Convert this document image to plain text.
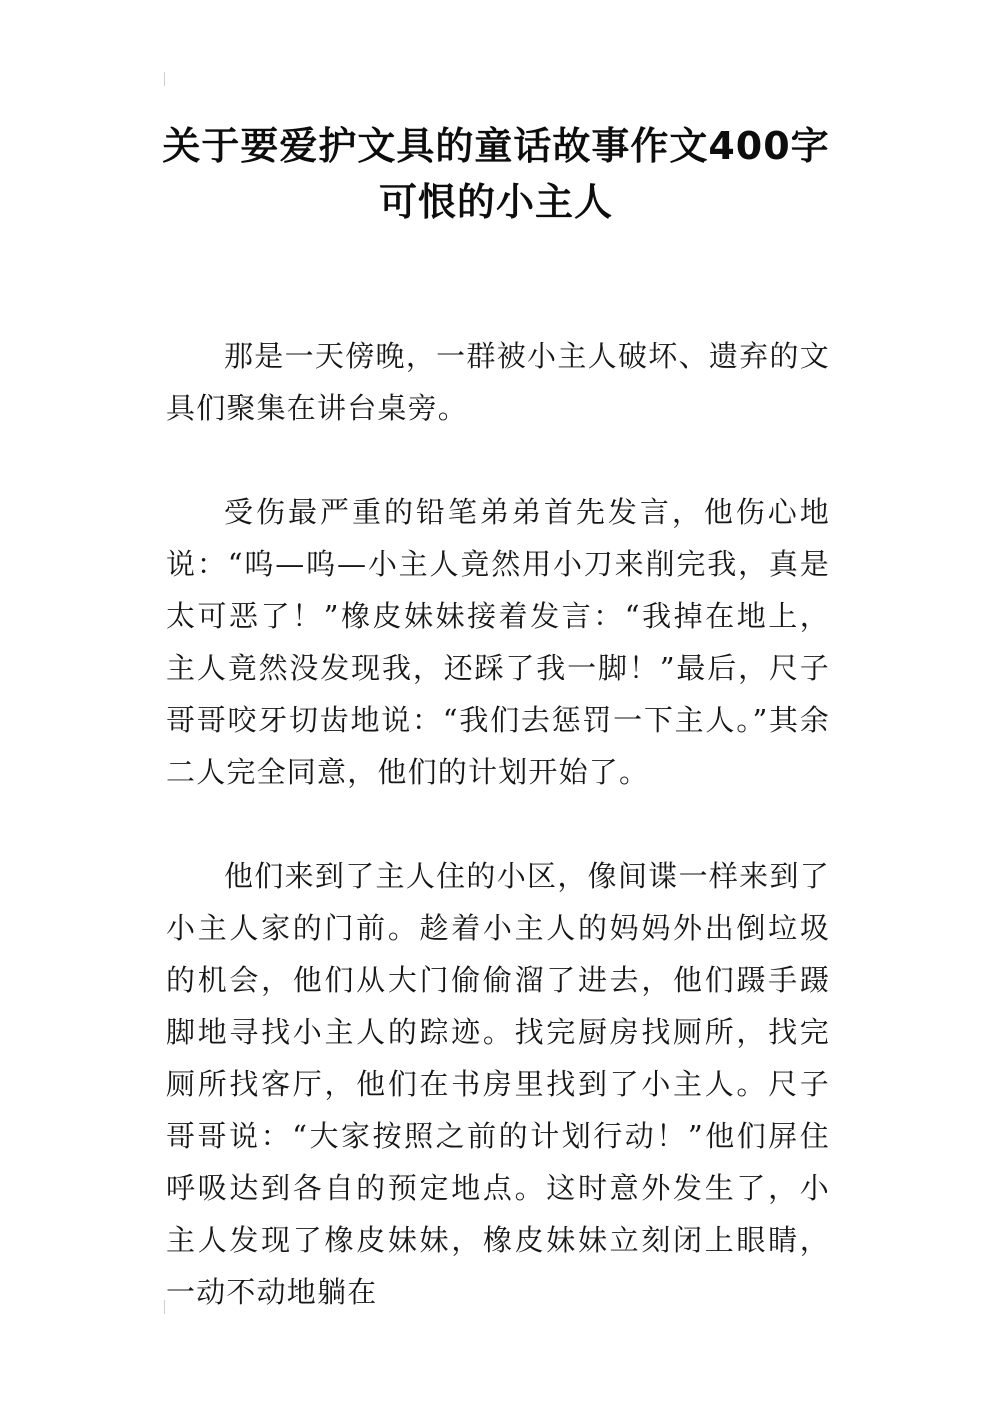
关于要爱护文具的童话故事作文400字 可恨的小主人

那是一天傍晚，一群被小主人破坏、遗弃的文具们聚集在讲台桌旁。

受伤最严重的铅笔弟弟首先发言，他伤心地说：“呜—呜—小主人竟然用小刀来削完我，真是太可恶了！”橡皮妹妹接着发言：“我掉在地上，主人竟然没发现我，还踩了我一脚！”最后，尺子哥哥咬牙切齿地说：“我们去惩罚一下主人。”其余二人完全同意，他们的计划开始了。

他们来到了主人住的小区，像间谍一样来到了小主人家的门前。趁着小主人的妈妈外出倒垃圾的机会，他们从大门偷偷溜了进去，他们蹑手蹑脚地寻找小主人的踪迹。找完厨房找厕所，找完厕所找客厅，他们在书房里找到了小主人。尺子哥哥说：“大家按照之前的计划行动！”他们屏住呼吸达到各自的预定地点。这时意外发生了，小主人发现了橡皮妹妹，橡皮妹妹立刻闭上眼睛，一动不动地躺在
